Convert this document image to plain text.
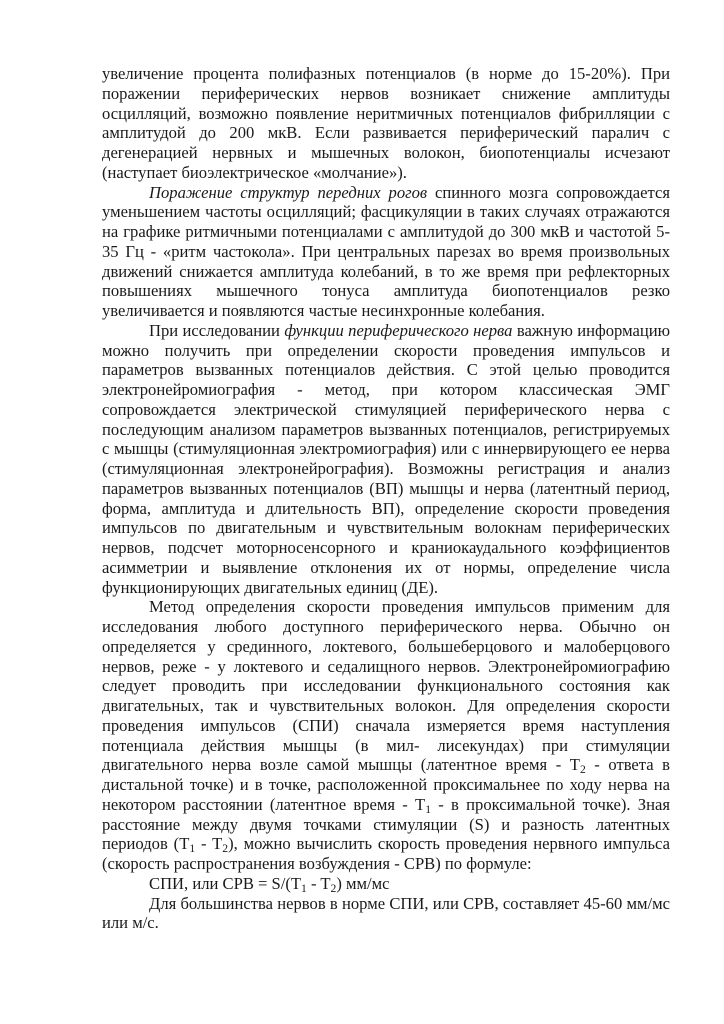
увеличение процента полифазных потенциалов (в норме до 15-20%). При поражении периферических нервов возникает снижение амплитуды осцилляций, возможно появление неритмичных потенциалов фибрилляции с амплитудой до 200 мкВ. Если развивается периферический паралич с дегенерацией нервных и мышечных волокон, биопотенциалы исчезают (наступает биоэлектрическое «молчание»).

Поражение структур передних рогов спинного мозга сопровождается уменьшением частоты осцилляций; фасцикуляции в таких случаях отражаются на графике ритмичными потенциалами с амплитудой до 300 мкВ и частотой 5- 35 Гц - «ритм частокола». При центральных парезах во время произвольных движений снижается амплитуда колебаний, в то же время при рефлекторных повышениях мышечного тонуса амплитуда биопотенциалов резко увеличивается и появляются частые несинхронные колебания.

При исследовании функции периферического нерва важную информацию можно получить при определении скорости проведения импульсов и параметров вызванных потенциалов действия. С этой целью проводится электронейромиография - метод, при котором классическая ЭМГ сопровождается электрической стимуляцией периферического нерва с последующим анализом параметров вызванных потенциалов, регистрируемых с мышцы (стимуляционная электромиография) или с иннервирующего ее нерва (стимуляционная электронейрография). Возможны регистрация и анализ параметров вызванных потенциалов (ВП) мышцы и нерва (латентный период, форма, амплитуда и длительность ВП), определение скорости проведения импульсов по двигательным и чувствительным волокнам периферических нервов, подсчет моторносенсорного и краниокаудального коэффициентов асимметрии и выявление отклонения их от нормы, определение числа функционирующих двигательных единиц (ДЕ).

Метод определения скорости проведения импульсов применим для исследования любого доступного периферического нерва. Обычно он определяется у срединного, локтевого, большеберцового и малоберцового нервов, реже - у локтевого и седалищного нервов. Электронейромиографию следует проводить при исследовании функционального состояния как двигательных, так и чувствительных волокон. Для определения скорости проведения импульсов (СПИ) сначала измеряется время наступления потенциала действия мышцы (в мил- лисекундах) при стимуляции двигательного нерва возле самой мышцы (латентное время - $T_2$ - ответа в дистальной точке) и в точке, расположенной проксимальнее по ходу нерва на некотором расстоянии (латентное время - $T_1$ - в проксимальной точке). Зная расстояние между двумя точками стимуляции (S) и разность латентных периодов $(T_1 - T_2)$, можно вычислить скорость проведения нервного импульса (скорость распространения возбуждения - СРВ) по формуле:

СПИ, или СРВ = $S/(T_1 - T_2)$ мм/мс

Для большинства нервов в норме СПИ, или СРВ, составляет 45-60 мм/мс или м/с.
